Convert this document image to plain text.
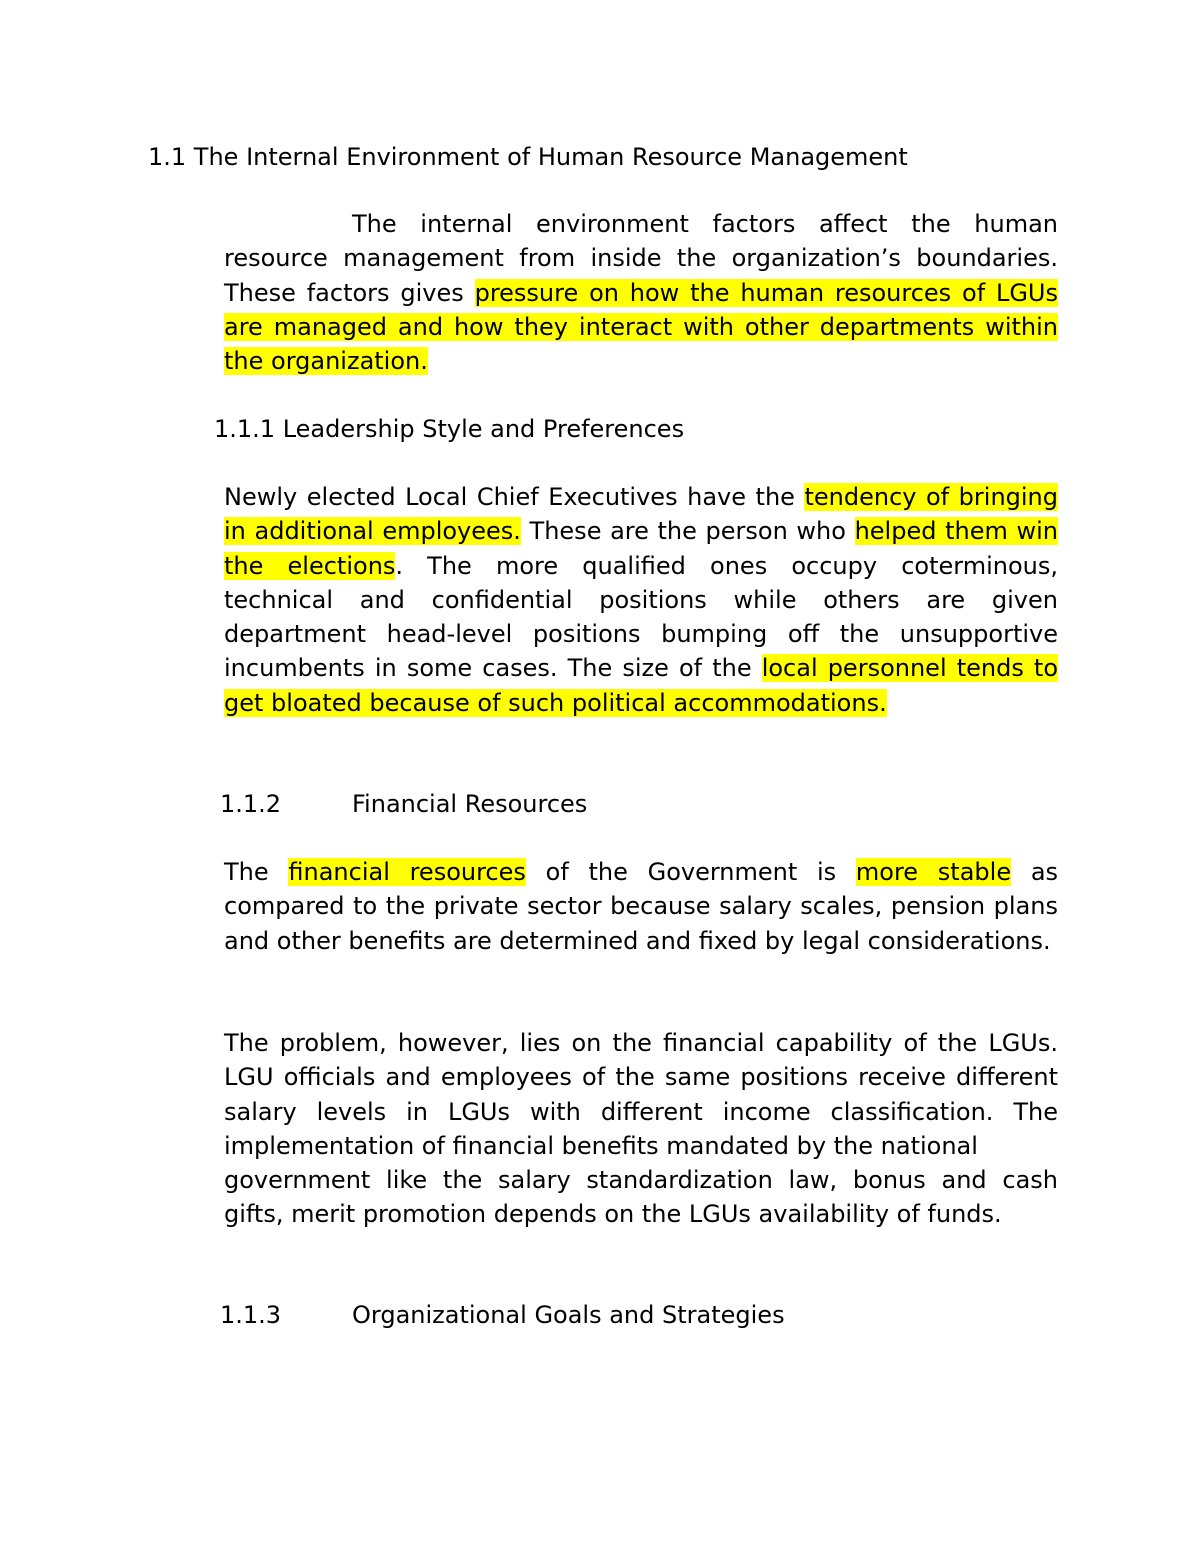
1.1 The Internal Environment of Human Resource Management

The internal environment factors affect the human resource management from inside the organization’s boundaries. These factors gives pressure on how the human resources of LGUs are managed and how they interact with other departments within the organization.

1.1.1 Leadership Style and Preferences

Newly elected Local Chief Executives have the tendency of bringing in additional employees. These are the person who helped them win the elections. The more qualified ones occupy coterminous, technical and confidential positions while others are given department head-level positions bumping off the unsupportive incumbents in some cases. The size of the local personnel tends to get bloated because of such political accommodations.

1.1.2	Financial Resources

The financial resources of the Government is more stable as compared to the private sector because salary scales, pension plans and other benefits are determined and fixed by legal considerations.

The problem, however, lies on the financial capability of the LGUs. LGU officials and employees of the same positions receive different salary levels in LGUs with different income classification. The implementation of financial benefits mandated by the national
government like the salary standardization law, bonus and cash gifts, merit promotion depends on the LGUs availability of funds.

1.1.3	Organizational Goals and Strategies
